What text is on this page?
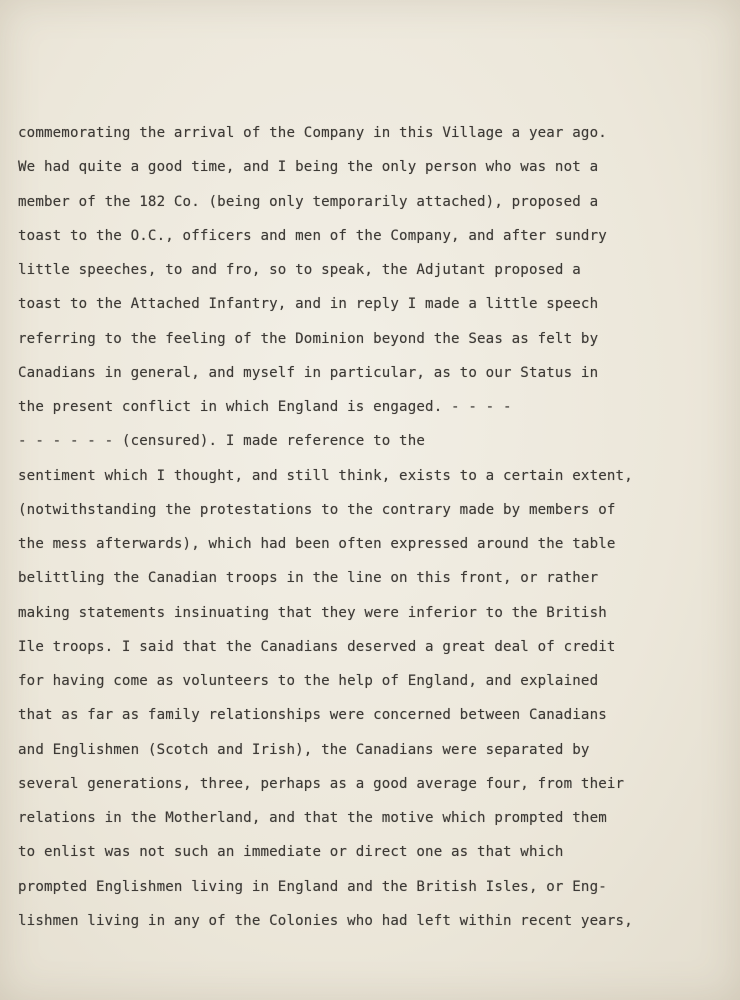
commemorating the arrival of the Company in this Village a year ago.
We had quite a good time, and I being the only person who was not a
member of the 182 Co. (being only temporarily attached), proposed a
toast to the O.C., officers and men of the Company, and after sundry
little speeches, to and fro, so to speak, the Adjutant proposed a
toast to the Attached Infantry, and in reply I made a little speech
referring to the feeling of the Dominion beyond the Seas as felt by
Canadians in general, and myself in particular, as to our Status in
the present conflict in which England is engaged. - - - -
- - - - - - (censured). I made reference to the
sentiment which I thought, and still think, exists to a certain extent,
(notwithstanding the protestations to the contrary made by members of
the mess afterwards), which had been often expressed around the table
belittling the Canadian troops in the line on this front, or rather
making statements insinuating that they were inferior to the British
Ile troops. I said that the Canadians deserved a great deal of credit
for having come as volunteers to the help of England, and explained
that as far as family relationships were concerned between Canadians
and Englishmen (Scotch and Irish), the Canadians were separated by
several generations, three, perhaps as a good average four, from their
relations in the Motherland, and that the motive which prompted them
to enlist was not such an immediate or direct one as that which
prompted Englishmen living in England and the British Isles, or Eng-
lishmen living in any of the Colonies who had left within recent years,
